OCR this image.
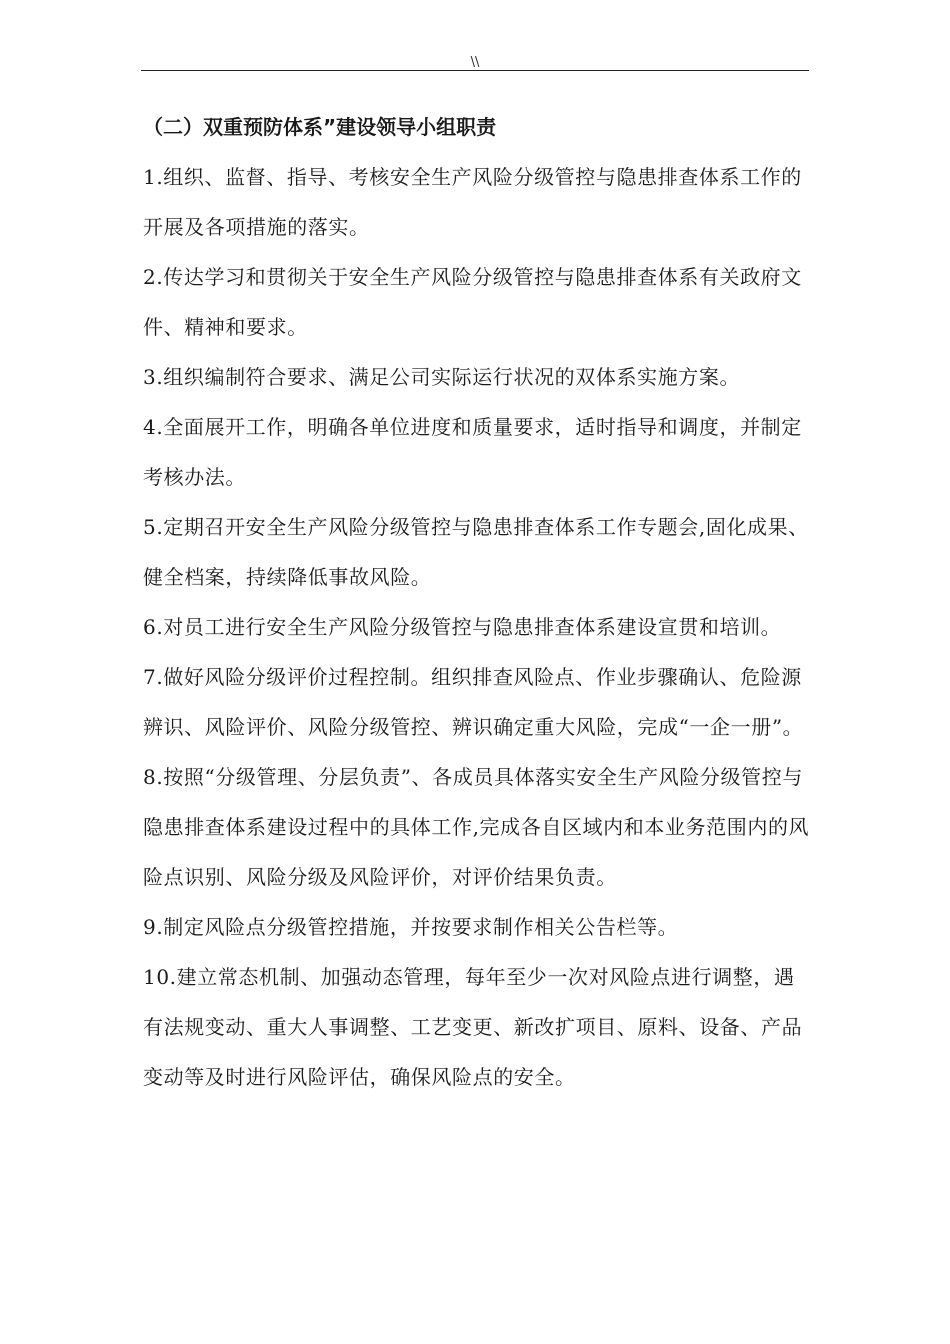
\\

（二）双重预防体系”建设领导小组职责

1.组织、监督、指导、考核安全生产风险分级管控与隐患排查体系工作的开展及各项措施的落实。

2.传达学习和贯彻关于安全生产风险分级管控与隐患排查体系有关政府文件、精神和要求。

3.组织编制符合要求、满足公司实际运行状况的双体系实施方案。

4.全面展开工作，明确各单位进度和质量要求，适时指导和调度，并制定考核办法。

5.定期召开安全生产风险分级管控与隐患排查体系工作专题会,固化成果、健全档案，持续降低事故风险。

6.对员工进行安全生产风险分级管控与隐患排查体系建设宣贯和培训。

7.做好风险分级评价过程控制。组织排查风险点、作业步骤确认、危险源辨识、风险评价、风险分级管控、辨识确定重大风险，完成“一企一册”。

8.按照“分级管理、分层负责”、各成员具体落实安全生产风险分级管控与隐患排查体系建设过程中的具体工作,完成各自区域内和本业务范围内的风险点识别、风险分级及风险评价，对评价结果负责。

9.制定风险点分级管控措施，并按要求制作相关公告栏等。

10.建立常态机制、加强动态管理，每年至少一次对风险点进行调整，遇有法规变动、重大人事调整、工艺变更、新改扩项目、原料、设备、产品变动等及时进行风险评估，确保风险点的安全。
